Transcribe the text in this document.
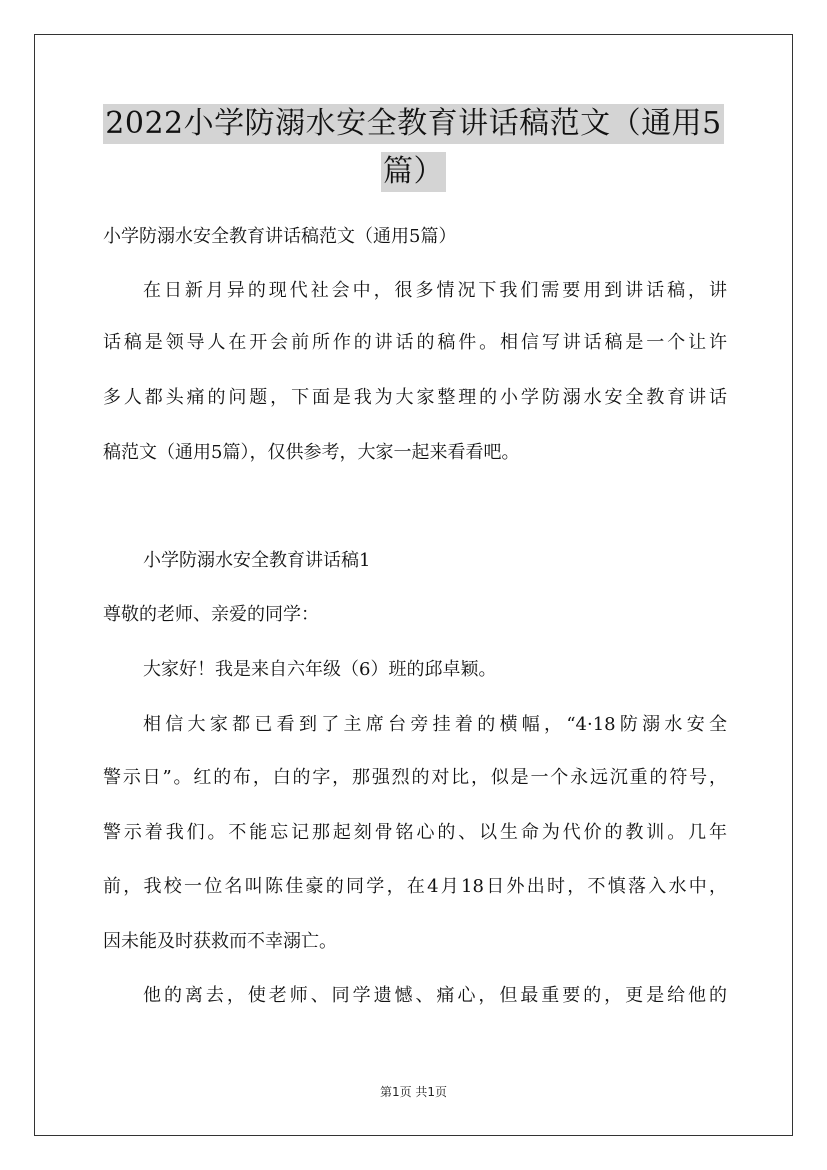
2022小学防溺水安全教育讲话稿范文（通用5
篇）
小学防溺水安全教育讲话稿范文（通用5篇）
在日新月异的现代社会中，很多情况下我们需要用到讲话稿，讲
话稿是领导人在开会前所作的讲话的稿件。相信写讲话稿是一个让许
多人都头痛的问题，下面是我为大家整理的小学防溺水安全教育讲话
稿范文（通用5篇），仅供参考，大家一起来看看吧。
小学防溺水安全教育讲话稿1
尊敬的老师、亲爱的同学：
大家好！我是来自六年级（6）班的邱卓颖。
相信大家都已看到了主席台旁挂着的横幅，“4·18防溺水安全
警示日”。红的布，白的字，那强烈的对比，似是一个永远沉重的符号，
警示着我们。不能忘记那起刻骨铭心的、以生命为代价的教训。几年
前，我校一位名叫陈佳豪的同学，在4月18日外出时，不慎落入水中，
因未能及时获救而不幸溺亡。
他的离去，使老师、同学遗憾、痛心，但最重要的，更是给他的
第1页 共1页
